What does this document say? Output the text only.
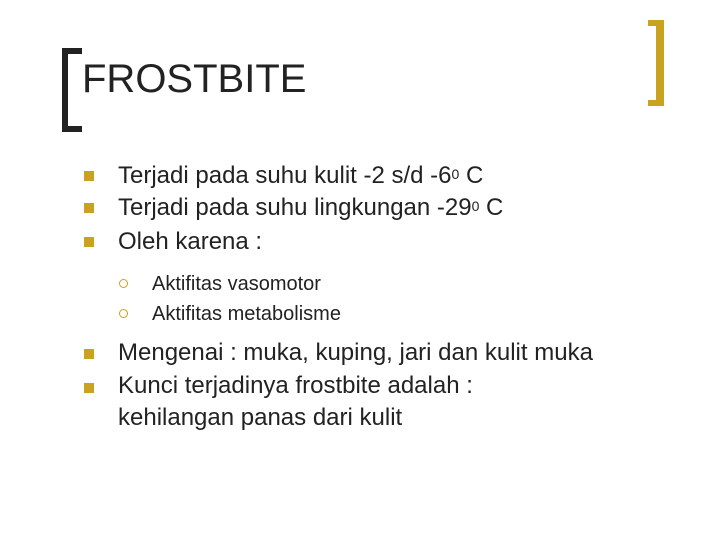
FROSTBITE
Terjadi pada suhu kulit -2 s/d $-6^0$ C
Terjadi pada suhu lingkungan $-29^0$ C
Oleh karena :
Aktifitas vasomotor
Aktifitas metabolisme
Mengenai : muka, kuping, jari dan kulit muka
Kunci terjadinya frostbite adalah :
kehilangan panas dari kulit
